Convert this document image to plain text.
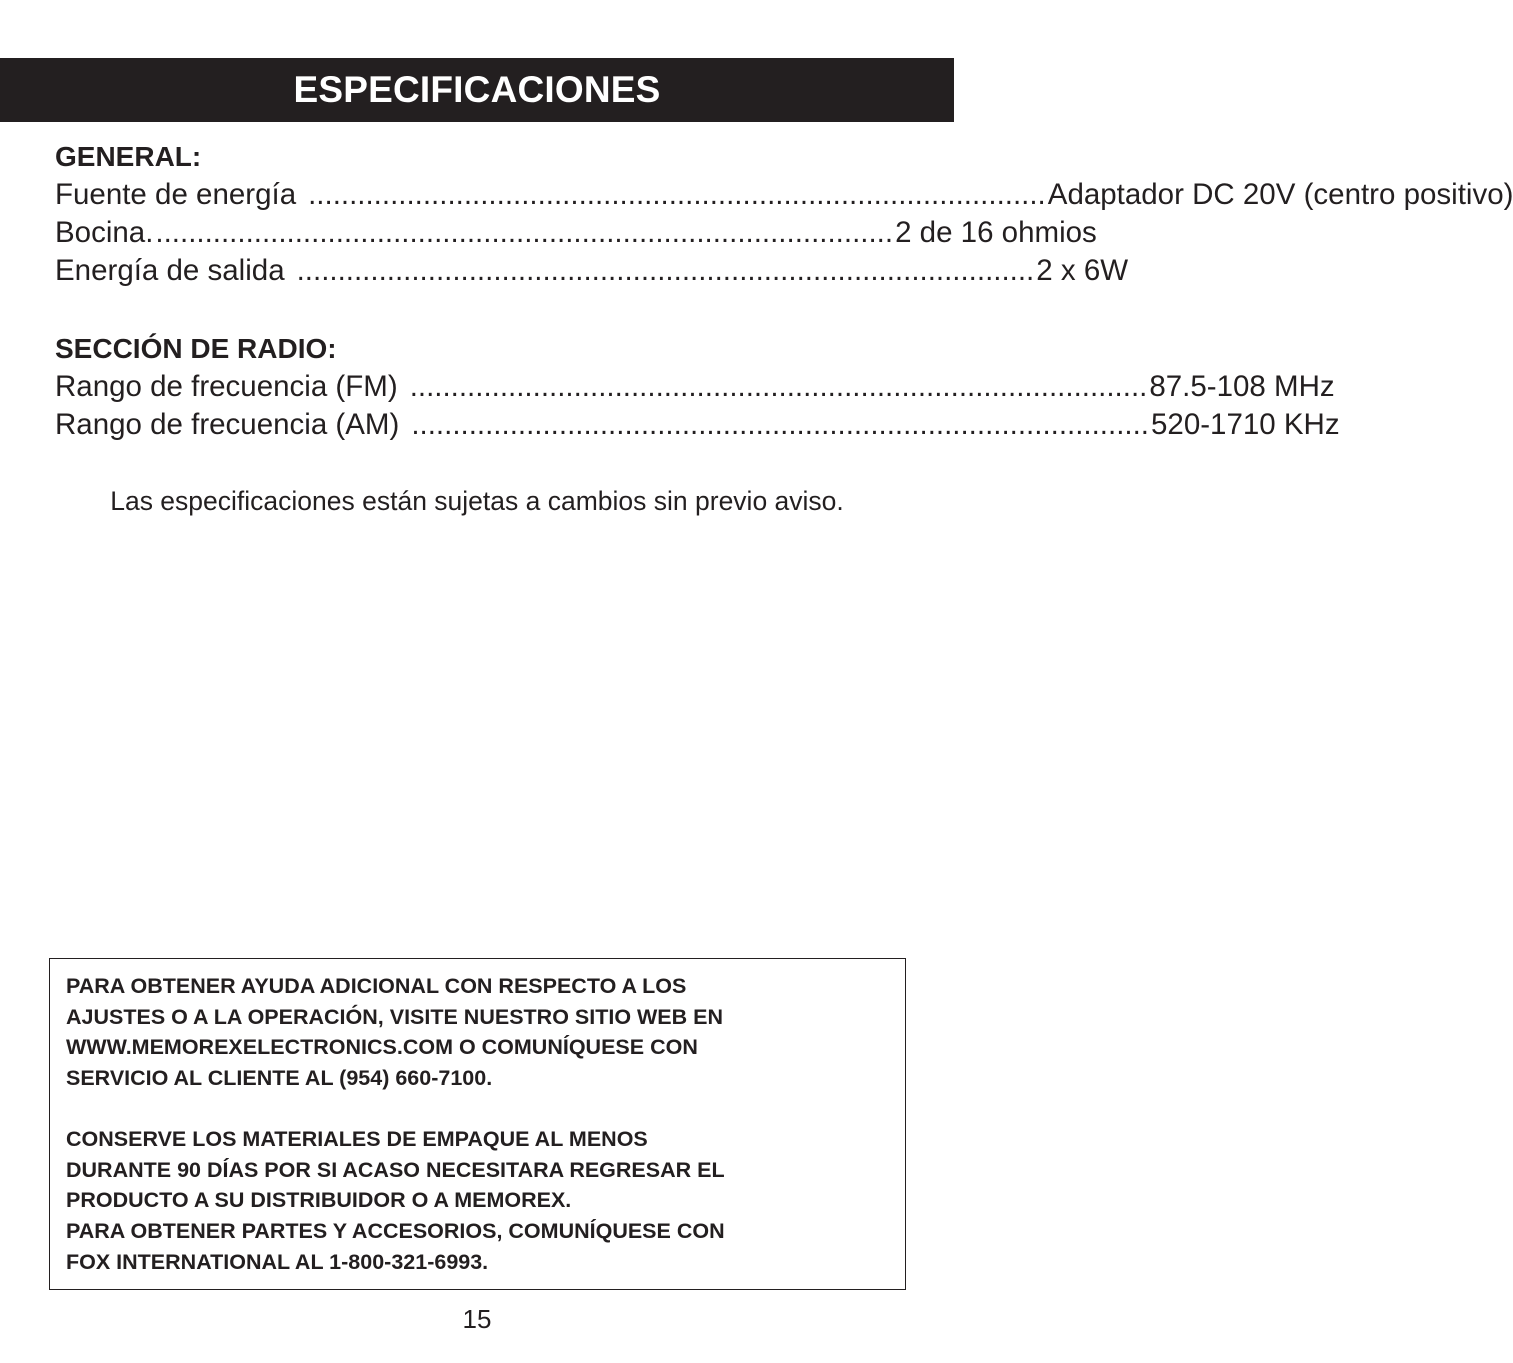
ESPECIFICACIONES
GENERAL:
Fuente de energía .......................................................................................... Adaptador DC 20V (centro positivo)
Bocina. .......................................................................................... 2 de 16 ohmios
Energía de salida .......................................................................................... 2 x 6W
SECCIÓN DE RADIO:
Rango de frecuencia (FM) .......................................................................................... 87.5-108 MHz
Rango de frecuencia (AM) .......................................................................................... 520-1710 KHz
Las especificaciones están sujetas a cambios sin previo aviso.

PARA OBTENER AYUDA ADICIONAL CON RESPECTO A LOS
AJUSTES O A LA OPERACIÓN, VISITE NUESTRO SITIO WEB EN
WWW.MEMOREXELECTRONICS.COM O COMUNÍQUESE CON
SERVICIO AL CLIENTE AL (954) 660-7100.

CONSERVE LOS MATERIALES DE EMPAQUE AL MENOS
DURANTE 90 DÍAS POR SI ACASO NECESITARA REGRESAR EL
PRODUCTO A SU DISTRIBUIDOR O A MEMOREX.
PARA OBTENER PARTES Y ACCESORIOS, COMUNÍQUESE CON
FOX INTERNATIONAL AL 1-800-321-6993.

15
